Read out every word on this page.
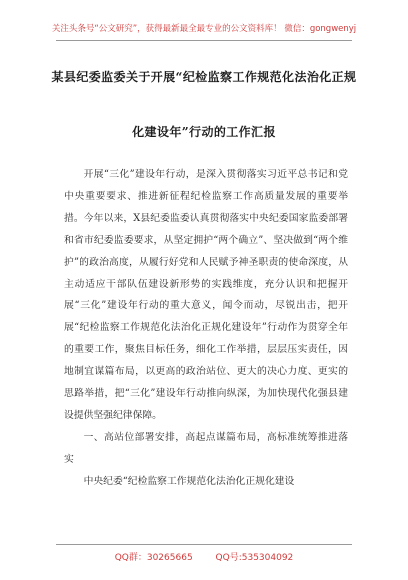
关注头条号“公文研究”，获得最新最全最专业的公文资料库！ 微信：gongwenyj
某县纪委监委关于开展“纪检监察工作规范化法治化正规
化建设年”行动的工作汇报

开展“三化”建设年行动，是深入贯彻落实习近平总书记和党中央重要要求、推进新征程纪检监察工作高质量发展的重要举措。今年以来，X县纪委监委认真贯彻落实中央纪委国家监委部署和省市纪委监委要求，从坚定拥护“两个确立”、坚决做到“两个维护”的政治高度，从履行好党和人民赋予神圣职责的使命深度，从主动适应干部队伍建设新形势的实践维度，充分认识和把握开展“三化”建设年行动的重大意义，闻令而动，尽锐出击，把开展“纪检监察工作规范化法治化正规化建设年”行动作为贯穿全年的重要工作，聚焦目标任务，细化工作举措，层层压实责任，因地制宜谋篇布局，以更高的政治站位、更大的决心力度、更实的思路举措，把“三化”建设年行动推向纵深，为加快现代化强县建设提供坚强纪律保障。

一、高站位部署安排，高起点谋篇布局，高标准统筹推进落实

中央纪委“纪检监察工作规范化法治化正规化建设

QQ群：30265665        QQ号:535304092
